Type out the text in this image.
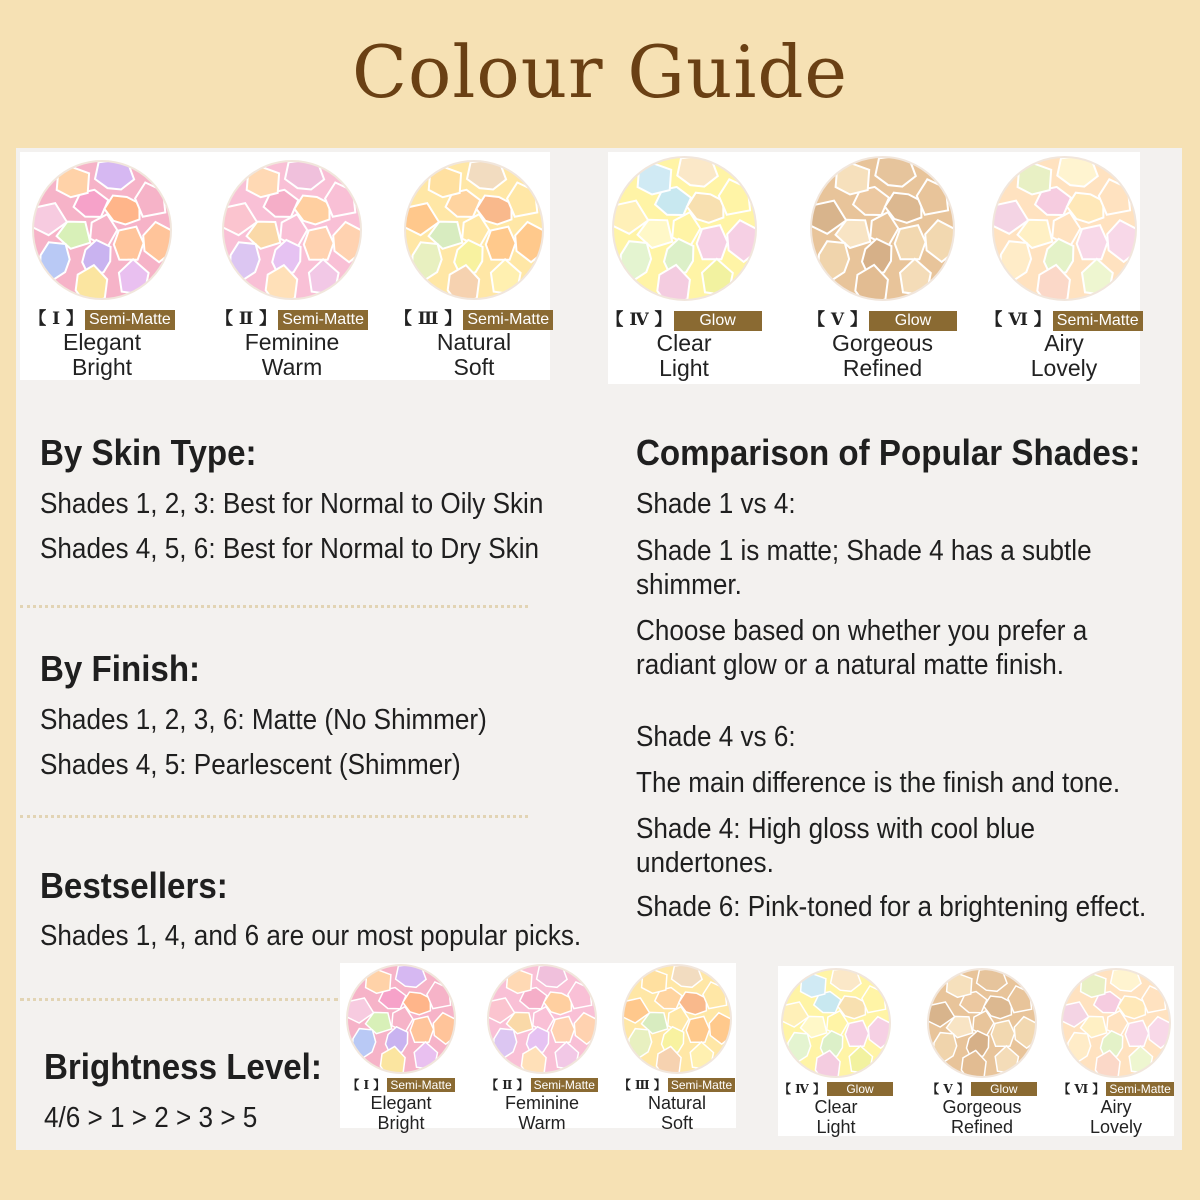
Colour Guide
【 Ⅰ 】 Semi-Matte
Elegant
Bright
【 Ⅱ 】 Semi-Matte
Feminine
Warm
【 Ⅲ 】 Semi-Matte
Natural
Soft
【 Ⅳ 】 Glow
Clear
Light
【 Ⅴ 】 Glow
Gorgeous
Refined
【 Ⅵ 】 Semi-Matte
Airy
Lovely
【 Ⅰ 】 Semi-Matte
Elegant
Bright
【 Ⅱ 】 Semi-Matte
Feminine
Warm
【 Ⅲ 】 Semi-Matte
Natural
Soft
【 Ⅳ 】 Glow
Clear
Light
【 Ⅴ 】 Glow
Gorgeous
Refined
【 Ⅵ 】 Semi-Matte
Airy
Lovely
By Skin Type:

Shades 1, 2, 3: Best for Normal to Oily Skin

Shades 4, 5, 6: Best for Normal to Dry Skin

By Finish:

Shades 1, 2, 3, 6: Matte (No Shimmer)

Shades 4, 5: Pearlescent (Shimmer)

Bestsellers:

Shades 1, 4, and 6 are our most popular picks.

Brightness Level:

4/6 > 1 > 2 > 3 > 5

Comparison of Popular Shades:

Shade 1 vs 4:

Shade 1 is matte; Shade 4 has a subtle shimmer.

Choose based on whether you prefer a radiant glow or a natural matte finish.

Shade 4 vs 6:

The main difference is the finish and tone.

Shade 4: High gloss with cool blue undertones.

Shade 6: Pink-toned for a brightening effect.
